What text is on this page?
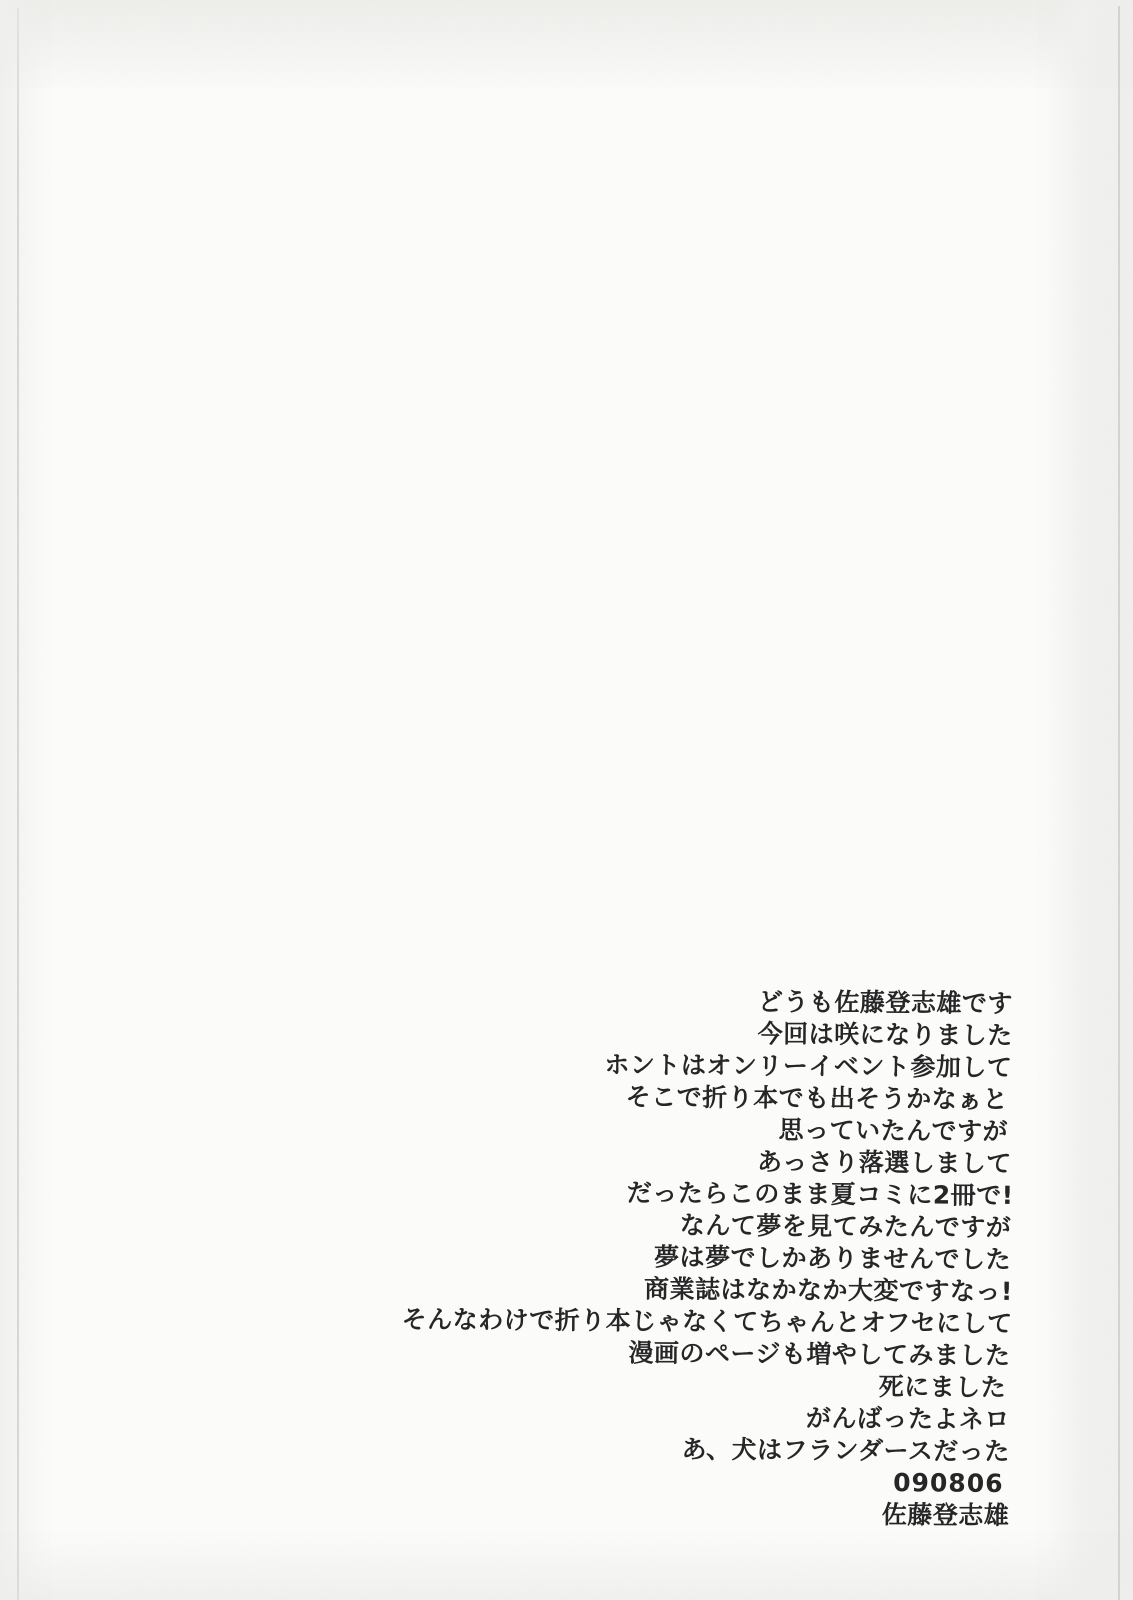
どうも佐藤登志雄です
今回は咲になりました
ホントはオンリーイベント参加して
そこで折り本でも出そうかなぁと
思っていたんですが
あっさり落選しまして
だったらこのまま夏コミに2冊で!
なんて夢を見てみたんですが
夢は夢でしかありませんでした
商業誌はなかなか大変ですなっ!
そんなわけで折り本じゃなくてちゃんとオフセにして
漫画のページも増やしてみました
死にました
がんばったよネロ
あ、犬はフランダースだった
090806
佐藤登志雄
